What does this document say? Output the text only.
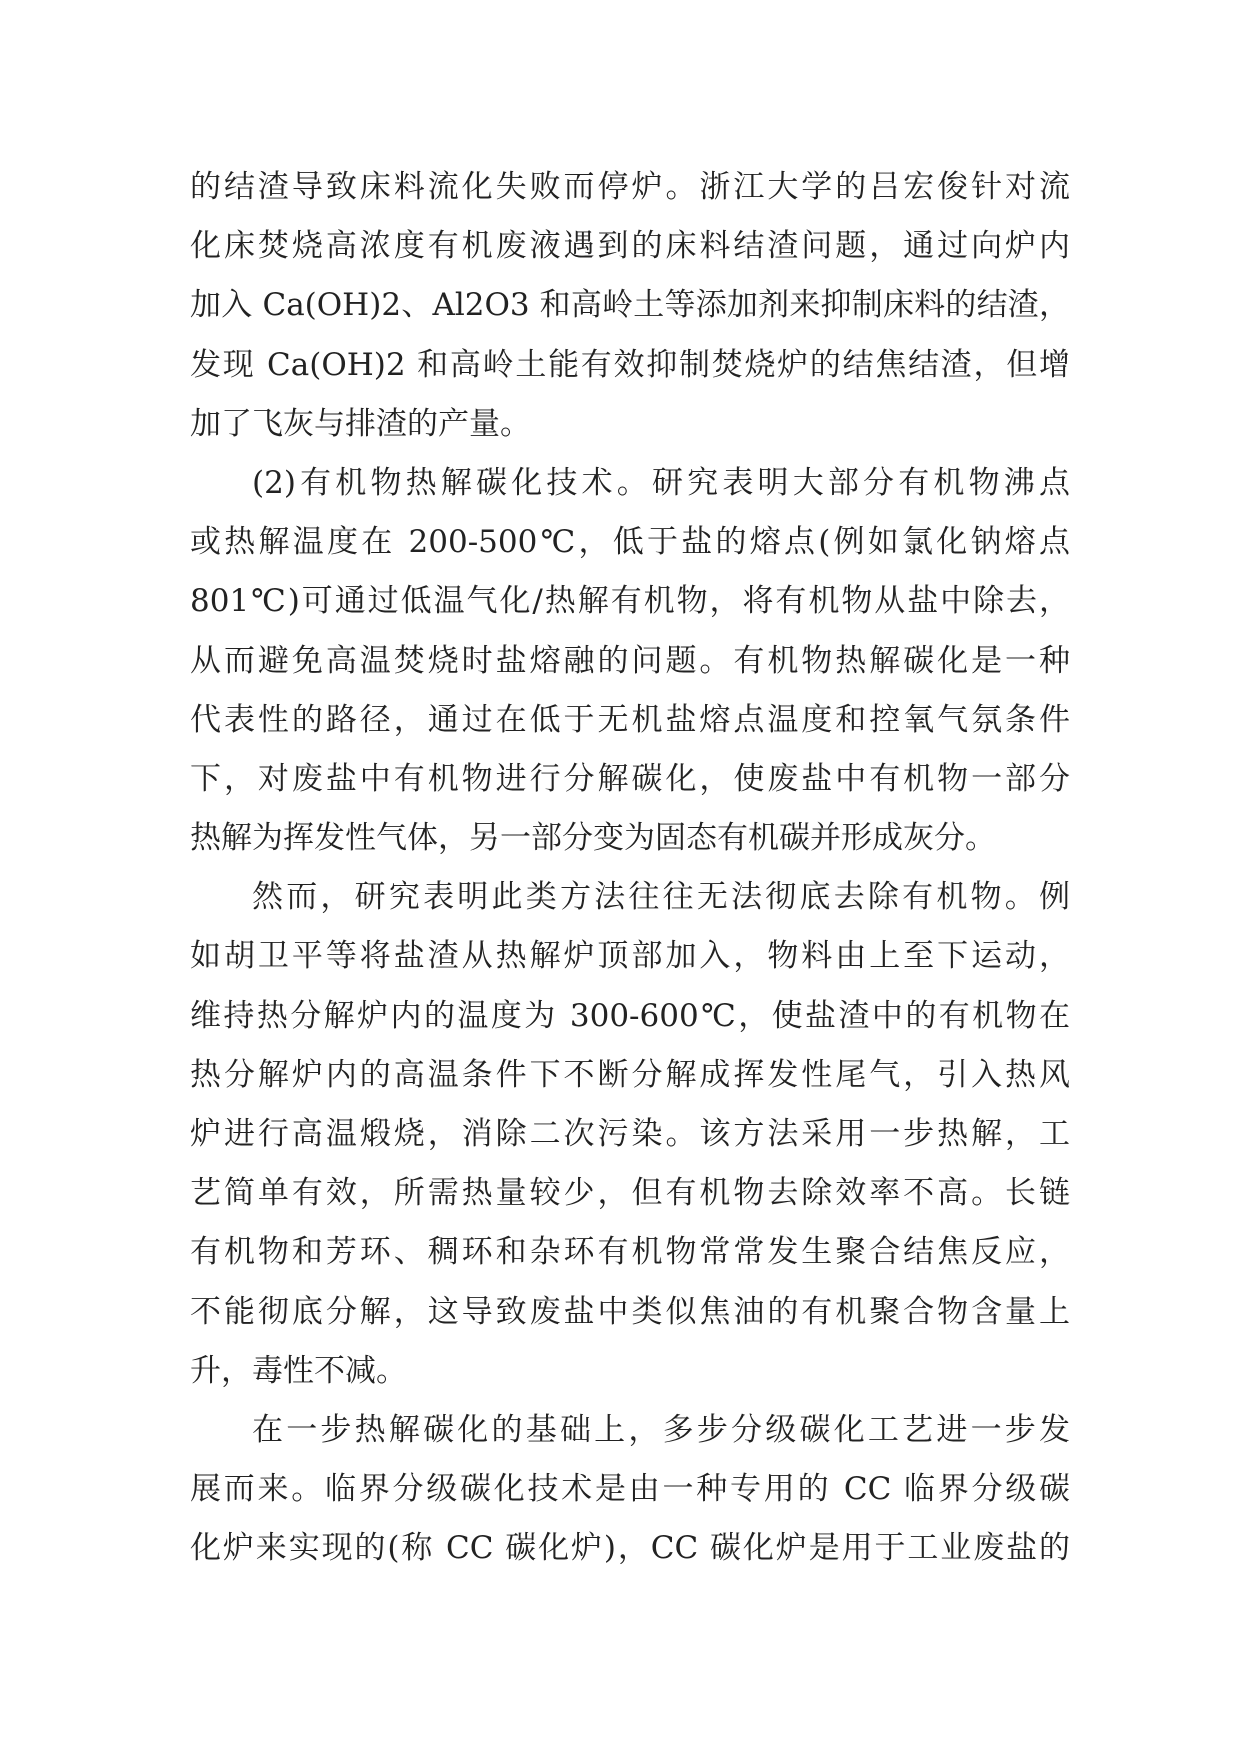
的结渣导致床料流化失败而停炉。浙江大学的吕宏俊针对流
化床焚烧高浓度有机废液遇到的床料结渣问题，通过向炉内
加入 Ca(OH)2、Al2O3 和高岭土等添加剂来抑制床料的结渣，
发现 Ca(OH)2 和高岭土能有效抑制焚烧炉的结焦结渣，但增
加了飞灰与排渣的产量。
(2)有机物热解碳化技术。研究表明大部分有机物沸点
或热解温度在 200-500℃，低于盐的熔点(例如氯化钠熔点
801℃)可通过低温气化/热解有机物，将有机物从盐中除去，
从而避免高温焚烧时盐熔融的问题。有机物热解碳化是一种
代表性的路径，通过在低于无机盐熔点温度和控氧气氛条件
下，对废盐中有机物进行分解碳化，使废盐中有机物一部分
热解为挥发性气体，另一部分变为固态有机碳并形成灰分。
然而，研究表明此类方法往往无法彻底去除有机物。例
如胡卫平等将盐渣从热解炉顶部加入，物料由上至下运动，
维持热分解炉内的温度为 300-600℃，使盐渣中的有机物在
热分解炉内的高温条件下不断分解成挥发性尾气，引入热风
炉进行高温煅烧，消除二次污染。该方法采用一步热解，工
艺简单有效，所需热量较少，但有机物去除效率不高。长链
有机物和芳环、稠环和杂环有机物常常发生聚合结焦反应，
不能彻底分解，这导致废盐中类似焦油的有机聚合物含量上
升，毒性不减。
在一步热解碳化的基础上，多步分级碳化工艺进一步发
展而来。临界分级碳化技术是由一种专用的 CC 临界分级碳
化炉来实现的(称 CC 碳化炉)，CC 碳化炉是用于工业废盐的
